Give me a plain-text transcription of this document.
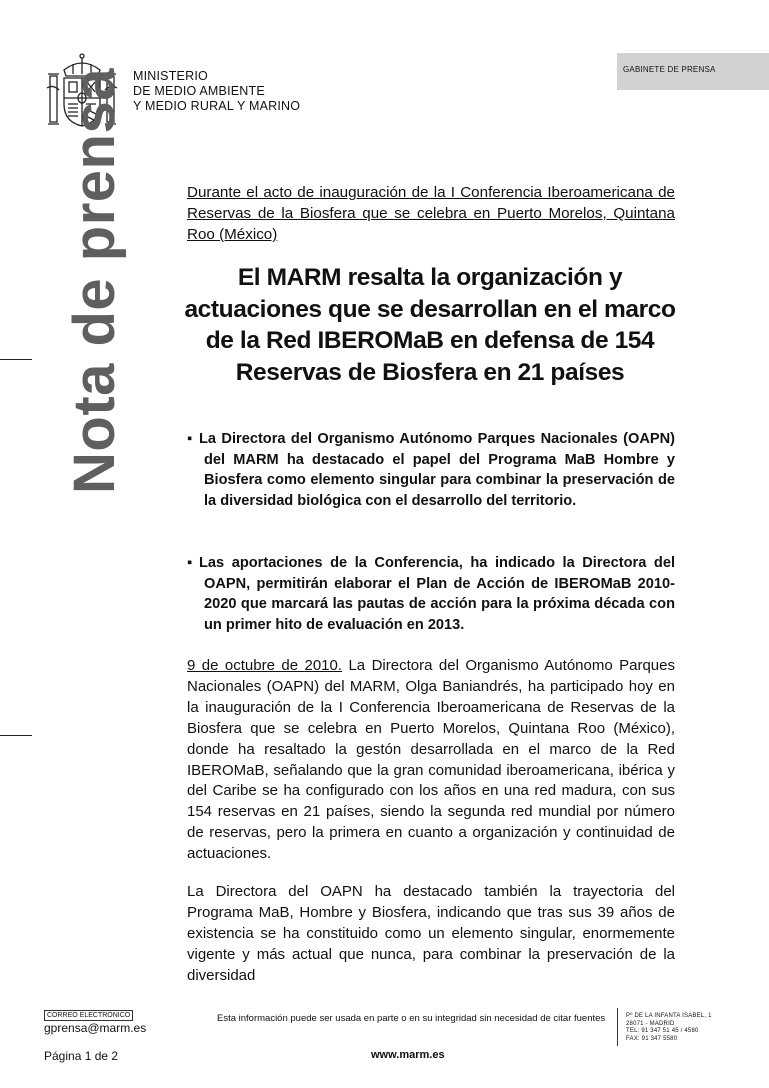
MINISTERIO
DE MEDIO AMBIENTE
Y MEDIO RURAL Y MARINO
GABINETE DE PRENSA
Nota de prensa	Durante el acto de inauguración de la I Conferencia Iberoamericana de Reservas de la Biosfera que se celebra en Puerto Morelos, Quintana Roo (México)
El MARM resalta la organización y actuaciones que se desarrollan en el marco de la Red IBEROMaB en defensa de 154 Reservas de Biosfera en 21 países
▪ La Directora del Organismo Autónomo Parques Nacionales (OAPN) del MARM ha destacado el papel del Programa MaB Hombre y Biosfera como elemento singular para combinar la preservación de la diversidad biológica con el desarrollo del territorio.
▪ Las aportaciones de la Conferencia, ha indicado la Directora del OAPN, permitirán elaborar el Plan de Acción de IBEROMaB 2010-2020 que marcará las pautas de acción para la próxima década con un primer hito de evaluación en 2013.
9 de octubre de 2010. La Directora del Organismo Autónomo Parques Nacionales (OAPN) del MARM, Olga Baniandrés, ha participado hoy en la inauguración de la I Conferencia Iberoamericana de Reservas de la Biosfera que se celebra en Puerto Morelos, Quintana Roo (México), donde ha resaltado la gestón desarrollada en el marco de la Red IBEROMaB, señalando que la gran comunidad iberoamericana, ibérica y del Caribe se ha configurado con los años en una red madura, con sus 154 reservas en 21 países, siendo la segunda red mundial por número de reservas, pero la primera en cuanto a organización y continuidad de actuaciones.
La Directora del OAPN ha destacado también la trayectoria del Programa MaB, Hombre y Biosfera, indicando que tras sus 39 años de existencia se ha constituido como un elemento singular, enormemente vigente y más actual que nunca, para combinar la preservación de la diversidad
CORREO ELECTRÓNICO
gprensa@marm.es
Esta información puede ser usada en parte o en su integridad sin necesidad de citar fuentes	Pº DE LA INFANTA ISABEL, 1
28071 - MADRID
TEL: 91 347 51 45 / 4580
FAX: 91 347 5580
Página 1 de 2	www.marm.es
